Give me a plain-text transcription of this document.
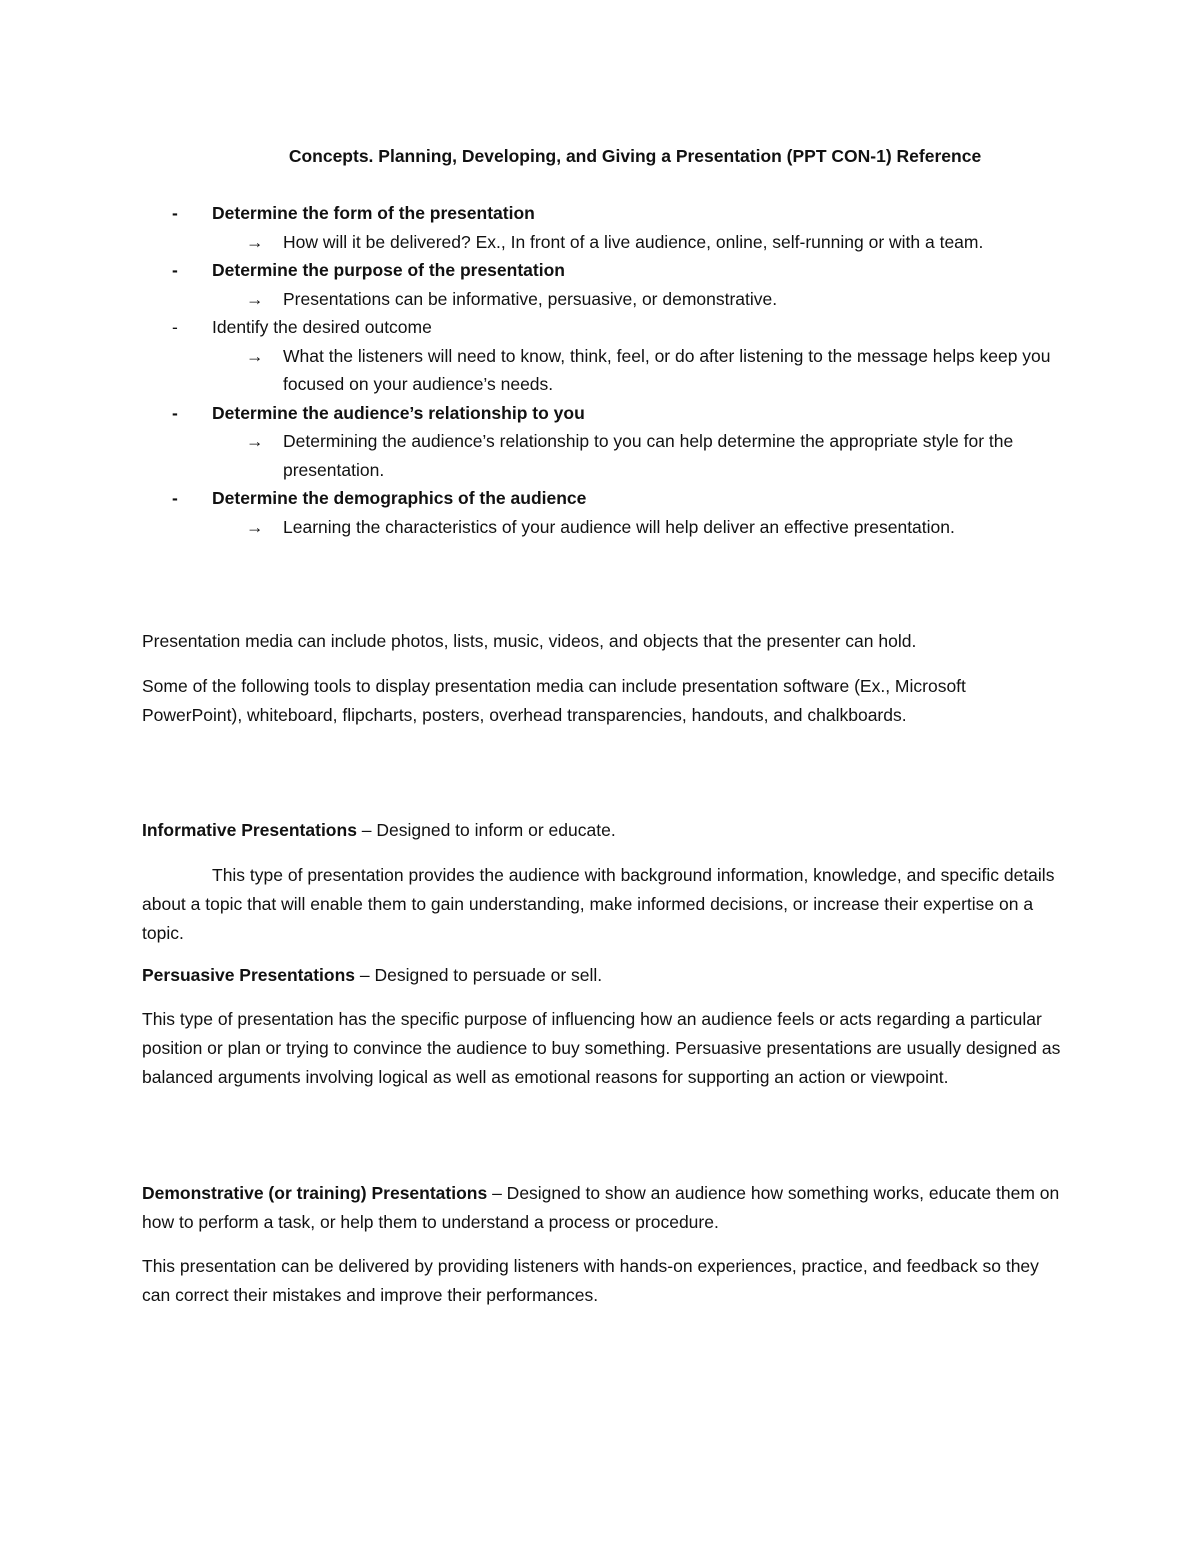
Concepts. Planning, Developing, and Giving a Presentation (PPT CON-1) Reference
- Determine the form of the presentation
→ How will it be delivered? Ex., In front of a live audience, online, self-running or with a team.
- Determine the purpose of the presentation
→ Presentations can be informative, persuasive, or demonstrative.
- Identify the desired outcome
→ What the listeners will need to know, think, feel, or do after listening to the message helps keep you focused on your audience’s needs.
- Determine the audience’s relationship to you
→ Determining the audience’s relationship to you can help determine the appropriate style for the presentation.
- Determine the demographics of the audience
→ Learning the characteristics of your audience will help deliver an effective presentation.

Presentation media can include photos, lists, music, videos, and objects that the presenter can hold.

Some of the following tools to display presentation media can include presentation software (Ex., Microsoft PowerPoint), whiteboard, flipcharts, posters, overhead transparencies, handouts, and chalkboards.

Informative Presentations – Designed to inform or educate.

This type of presentation provides the audience with background information, knowledge, and specific details about a topic that will enable them to gain understanding, make informed decisions, or increase their expertise on a topic.

Persuasive Presentations – Designed to persuade or sell.

This type of presentation has the specific purpose of influencing how an audience feels or acts regarding a particular position or plan or trying to convince the audience to buy something. Persuasive presentations are usually designed as balanced arguments involving logical as well as emotional reasons for supporting an action or viewpoint.

Demonstrative (or training) Presentations – Designed to show an audience how something works, educate them on how to perform a task, or help them to understand a process or procedure.

This presentation can be delivered by providing listeners with hands-on experiences, practice, and feedback so they can correct their mistakes and improve their performances.
